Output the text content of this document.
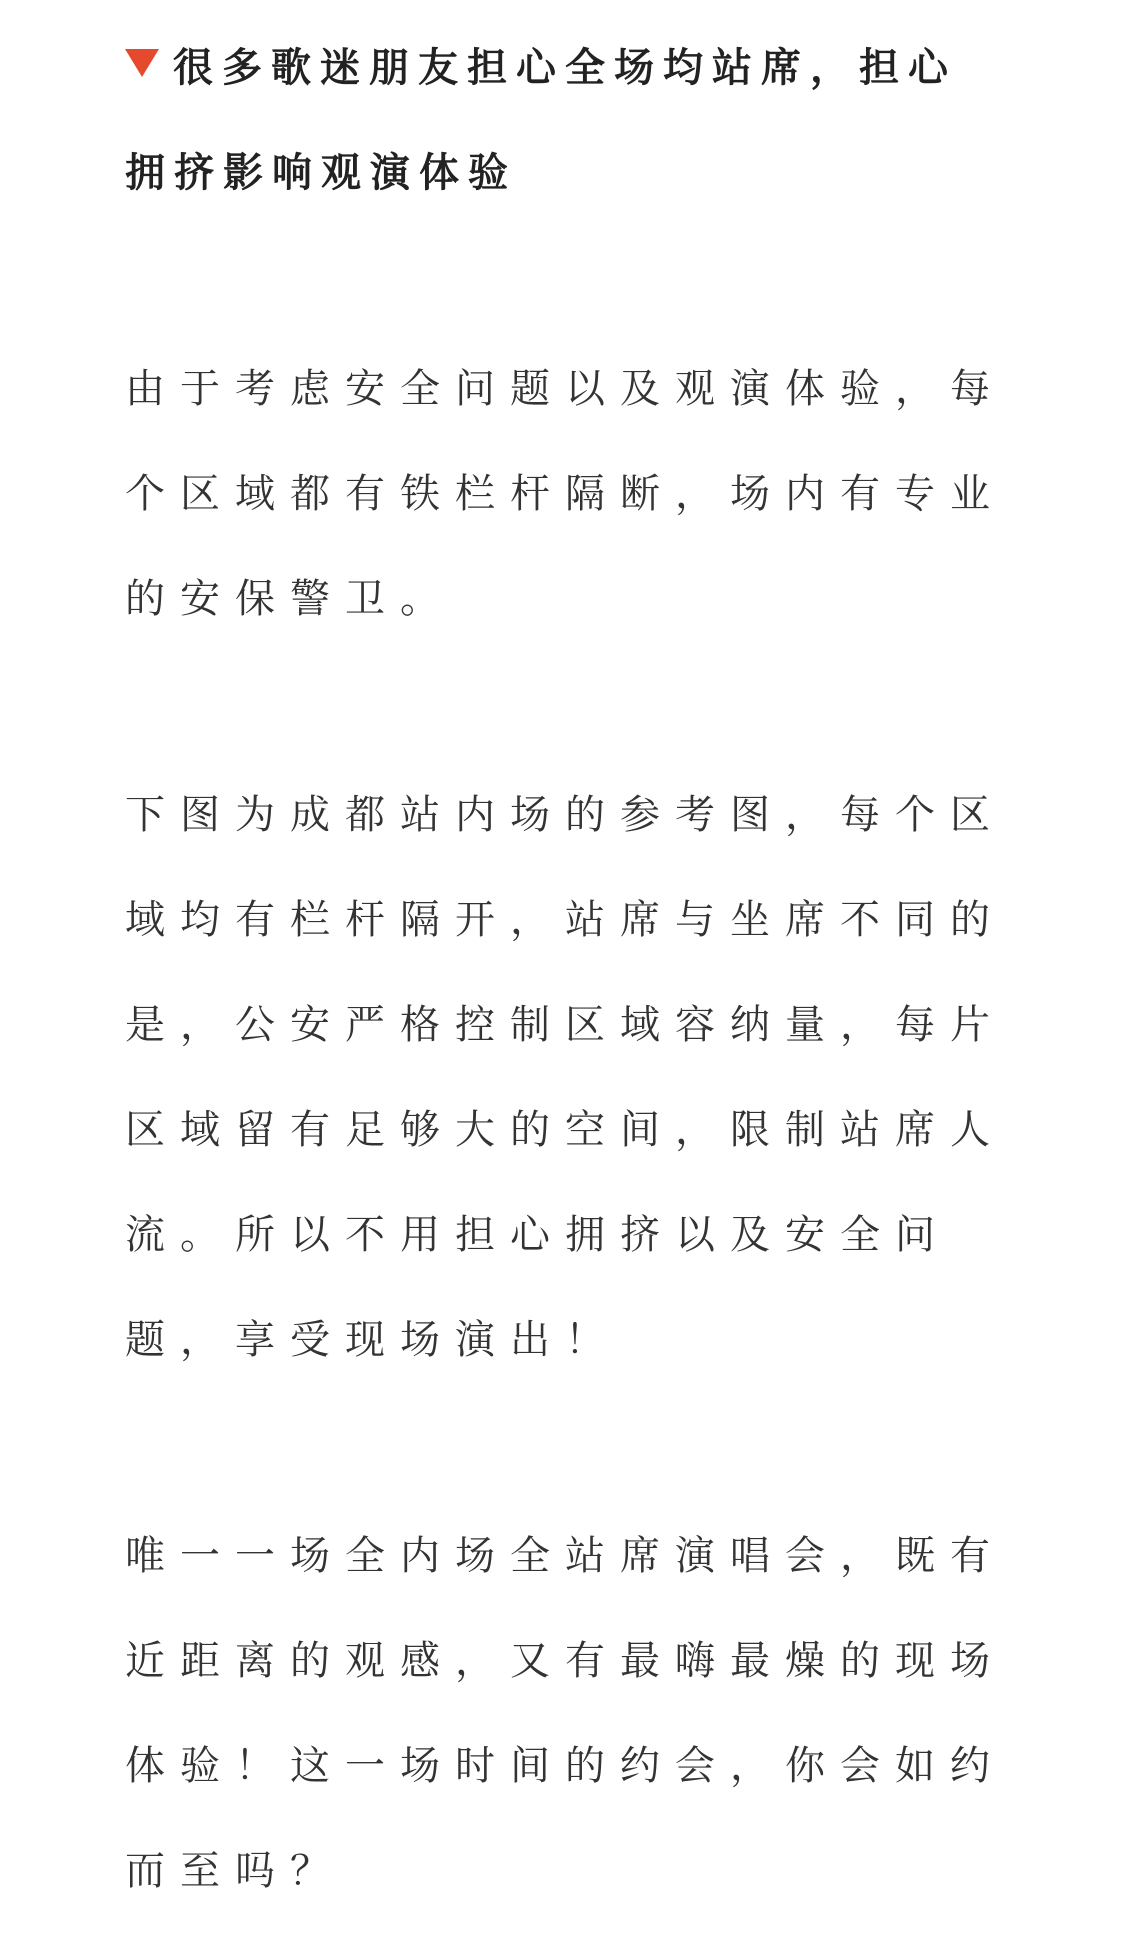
很多歌迷朋友担心全场均站席，担心拥挤影响观演体验

由于考虑安全问题以及观演体验，每个区域都有铁栏杆隔断，场内有专业的安保警卫。

下图为成都站内场的参考图，每个区域均有栏杆隔开，站席与坐席不同的是，公安严格控制区域容纳量，每片区域留有足够大的空间，限制站席人流。所以不用担心拥挤以及安全问题，享受现场演出！

唯一一场全内场全站席演唱会，既有近距离的观感，又有最嗨最燥的现场体验！这一场时间的约会，你会如约而至吗？
